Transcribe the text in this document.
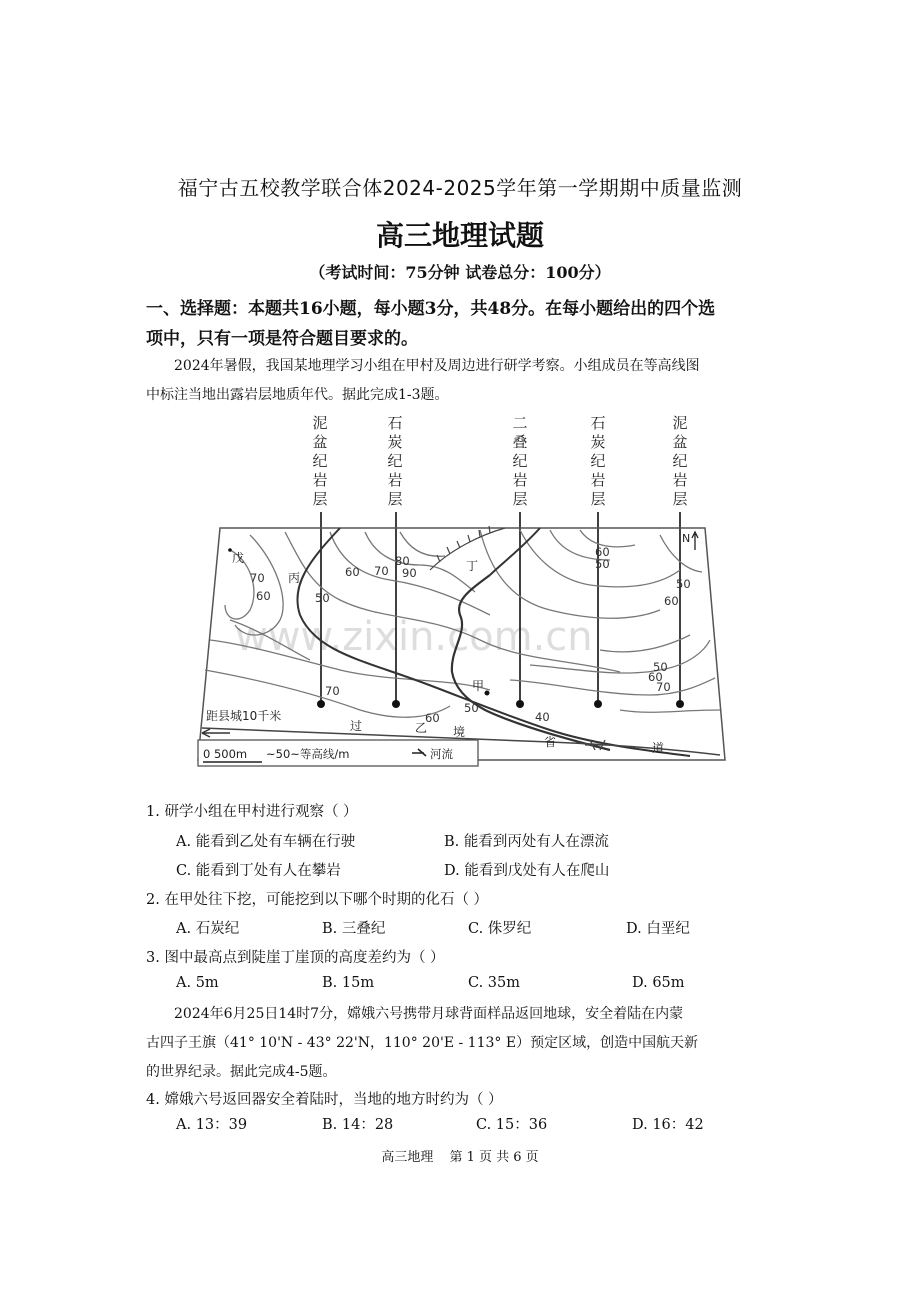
福宁古五校教学联合体2024-2025学年第一学期期中质量监测
高三地理试题
（考试时间：75分钟 试卷总分：100分）
一、选择题：本题共16小题，每小题3分，共48分。在每小题给出的四个选
项中，只有一项是符合题目要求的。
2024年暑假，我国某地理学习小组在甲村及周边进行研学考察。小组成员在等高线图
中标注当地出露岩层地质年代。据此完成1-3题。
www.zixin.com.cn
泥盆纪岩层
石炭纪岩层
二叠纪岩层
石炭纪岩层
泥盆纪岩层
戊
丙
丁
甲
乙
N
70
60	50
60 70
80
90
60
50
50
60
50
60
70
70
60
50
40
距县城10千米
过	境
省	道
0 500m ~50~等高线/m	河流
1. 研学小组在甲村进行观察（ ）
A. 能看到乙处有车辆在行驶	B. 能看到丙处有人在漂流
C. 能看到丁处有人在攀岩	D. 能看到戊处有人在爬山
2. 在甲处往下挖，可能挖到以下哪个时期的化石（ ）
A. 石炭纪	B. 三叠纪	C. 侏罗纪	D. 白垩纪
3. 图中最高点到陡崖丁崖顶的高度差约为（ ）
A. 5m	B. 15m	C. 35m	D. 65m
2024年6月25日14时7分，嫦娥六号携带月球背面样品返回地球，安全着陆在内蒙
古四子王旗（41° 10'N - 43° 22'N，110° 20'E - 113° E）预定区域，创造中国航天新
的世界纪录。据此完成4-5题。
4. 嫦娥六号返回器安全着陆时，当地的地方时约为（ ）
A. 13：39	B. 14：28	C. 15：36	D. 16：42
高三地理 第 1 页 共 6 页
